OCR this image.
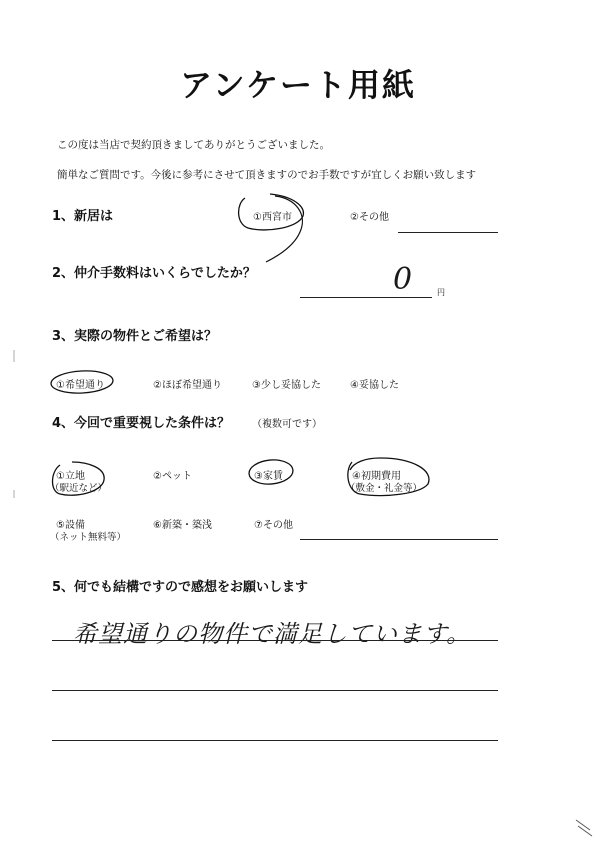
アンケート用紙
この度は当店で契約頂きましてありがとうございました。
簡単なご質問です。今後に参考にさせて頂きますのでお手数ですが宜しくお願い致します
1、新居は	①西宮市	②その他
2、仲介手数料はいくらでしたか？	0	円
3、実際の物件とご希望は？
①希望通り	②ほぼ希望通り	③少し妥協した	④妥協した
4、今回で重要視した条件は？ （複数可です）
①立地
（駅近など）
②ペット	③家賃	④初期費用
（敷金・礼金等）
⑤設備
（ネット無料等）
⑥新築・築浅	⑦その他
5、何でも結構ですので感想をお願いします
希望通りの物件で満足しています。
